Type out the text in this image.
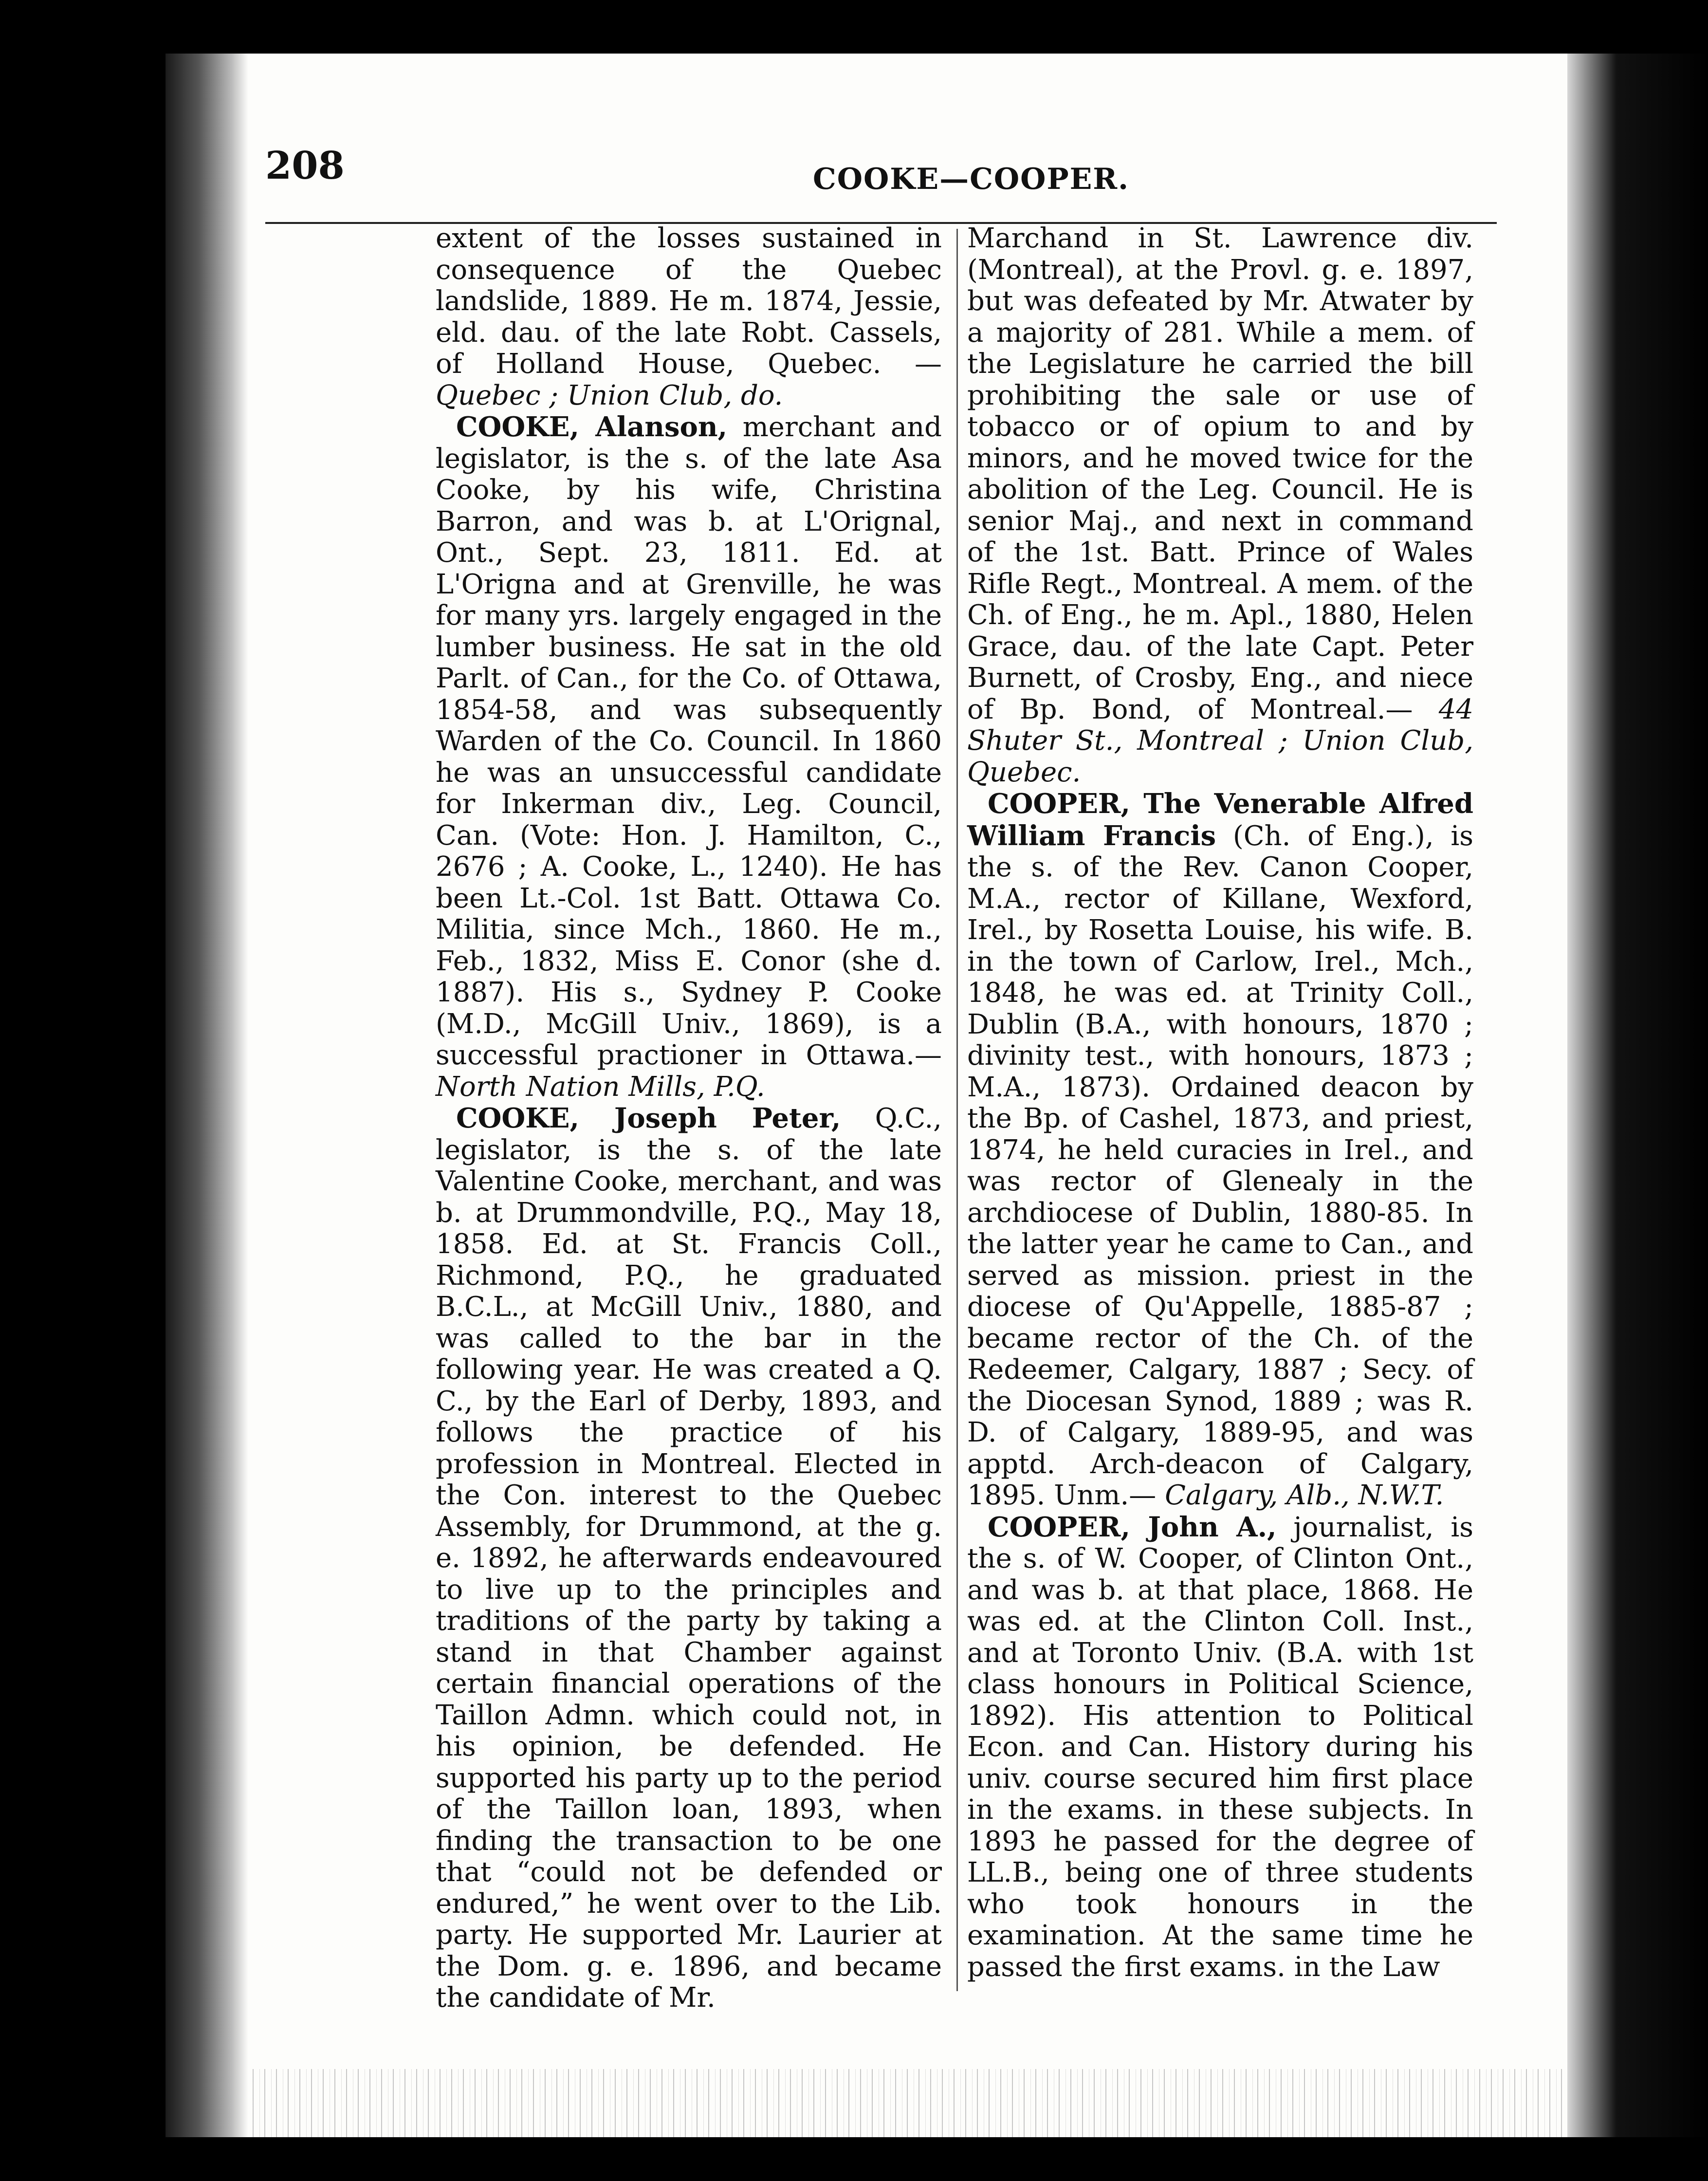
208	COOKE—COOPER.

extent of the losses sustained in consequence of the Quebec landslide, 1889. He m. 1874, Jessie, eld. dau. of the late Robt. Cassels, of Holland House, Quebec. — Quebec ; Union Club, do.

COOKE, Alanson, merchant and legislator, is the s. of the late Asa Cooke, by his wife, Christina Barron, and was b. at L'Orignal, Ont., Sept. 23, 1811. Ed. at L'Origna and at Grenville, he was for many yrs. largely engaged in the lumber business. He sat in the old Parlt. of Can., for the Co. of Ottawa, 1854-58, and was subsequently Warden of the Co. Council. In 1860 he was an unsuccessful candidate for Inkerman div., Leg. Council, Can. (Vote: Hon. J. Hamilton, C., 2676 ; A. Cooke, L., 1240). He has been Lt.-Col. 1st Batt. Ottawa Co. Militia, since Mch., 1860. He m., Feb., 1832, Miss E. Conor (she d. 1887). His s., Sydney P. Cooke (M.D., McGill Univ., 1869), is a successful practioner in Ottawa.— North Nation Mills, P.Q.

COOKE, Joseph Peter, Q.C., legislator, is the s. of the late Valentine Cooke, merchant, and was b. at Drummondville, P.Q., May 18, 1858. Ed. at St. Francis Coll., Richmond, P.Q., he graduated B.C.L., at McGill Univ., 1880, and was called to the bar in the following year. He was created a Q. C., by the Earl of Derby, 1893, and follows the practice of his profession in Montreal. Elected in the Con. interest to the Quebec Assembly, for Drummond, at the g. e. 1892, he afterwards endeavoured to live up to the principles and traditions of the party by taking a stand in that Chamber against certain financial operations of the Taillon Admn. which could not, in his opinion, be defended. He supported his party up to the period of the Taillon loan, 1893, when finding the transaction to be one that “could not be defended or endured,” he went over to the Lib. party. He supported Mr. Laurier at the Dom. g. e. 1896, and became the candidate of Mr.

Marchand in St. Lawrence div. (Montreal), at the Provl. g. e. 1897, but was defeated by Mr. Atwater by a majority of 281. While a mem. of the Legislature he carried the bill prohibiting the sale or use of tobacco or of opium to and by minors, and he moved twice for the abolition of the Leg. Council. He is senior Maj., and next in command of the 1st. Batt. Prince of Wales Rifle Regt., Montreal. A mem. of the Ch. of Eng., he m. Apl., 1880, Helen Grace, dau. of the late Capt. Peter Burnett, of Crosby, Eng., and niece of Bp. Bond, of Montreal.— 44 Shuter St., Montreal ; Union Club, Quebec.

COOPER, The Venerable Alfred William Francis (Ch. of Eng.), is the s. of the Rev. Canon Cooper, M.A., rector of Killane, Wexford, Irel., by Rosetta Louise, his wife. B. in the town of Carlow, Irel., Mch., 1848, he was ed. at Trinity Coll., Dublin (B.A., with honours, 1870 ; divinity test., with honours, 1873 ; M.A., 1873). Ordained deacon by the Bp. of Cashel, 1873, and priest, 1874, he held curacies in Irel., and was rector of Glenealy in the archdiocese of Dublin, 1880-85. In the latter year he came to Can., and served as mission. priest in the diocese of Qu'Appelle, 1885-87 ; became rector of the Ch. of the Redeemer, Calgary, 1887 ; Secy. of the Diocesan Synod, 1889 ; was R. D. of Calgary, 1889-95, and was apptd. Arch-deacon of Calgary, 1895. Unm.— Calgary, Alb., N.W.T.

COOPER, John A., journalist, is the s. of W. Cooper, of Clinton Ont., and was b. at that place, 1868. He was ed. at the Clinton Coll. Inst., and at Toronto Univ. (B.A. with 1st class honours in Political Science, 1892). His attention to Political Econ. and Can. History during his univ. course secured him first place in the exams. in these subjects. In 1893 he passed for the degree of LL.B., being one of three students who took honours in the examination. At the same time he passed the first exams. in the Law
